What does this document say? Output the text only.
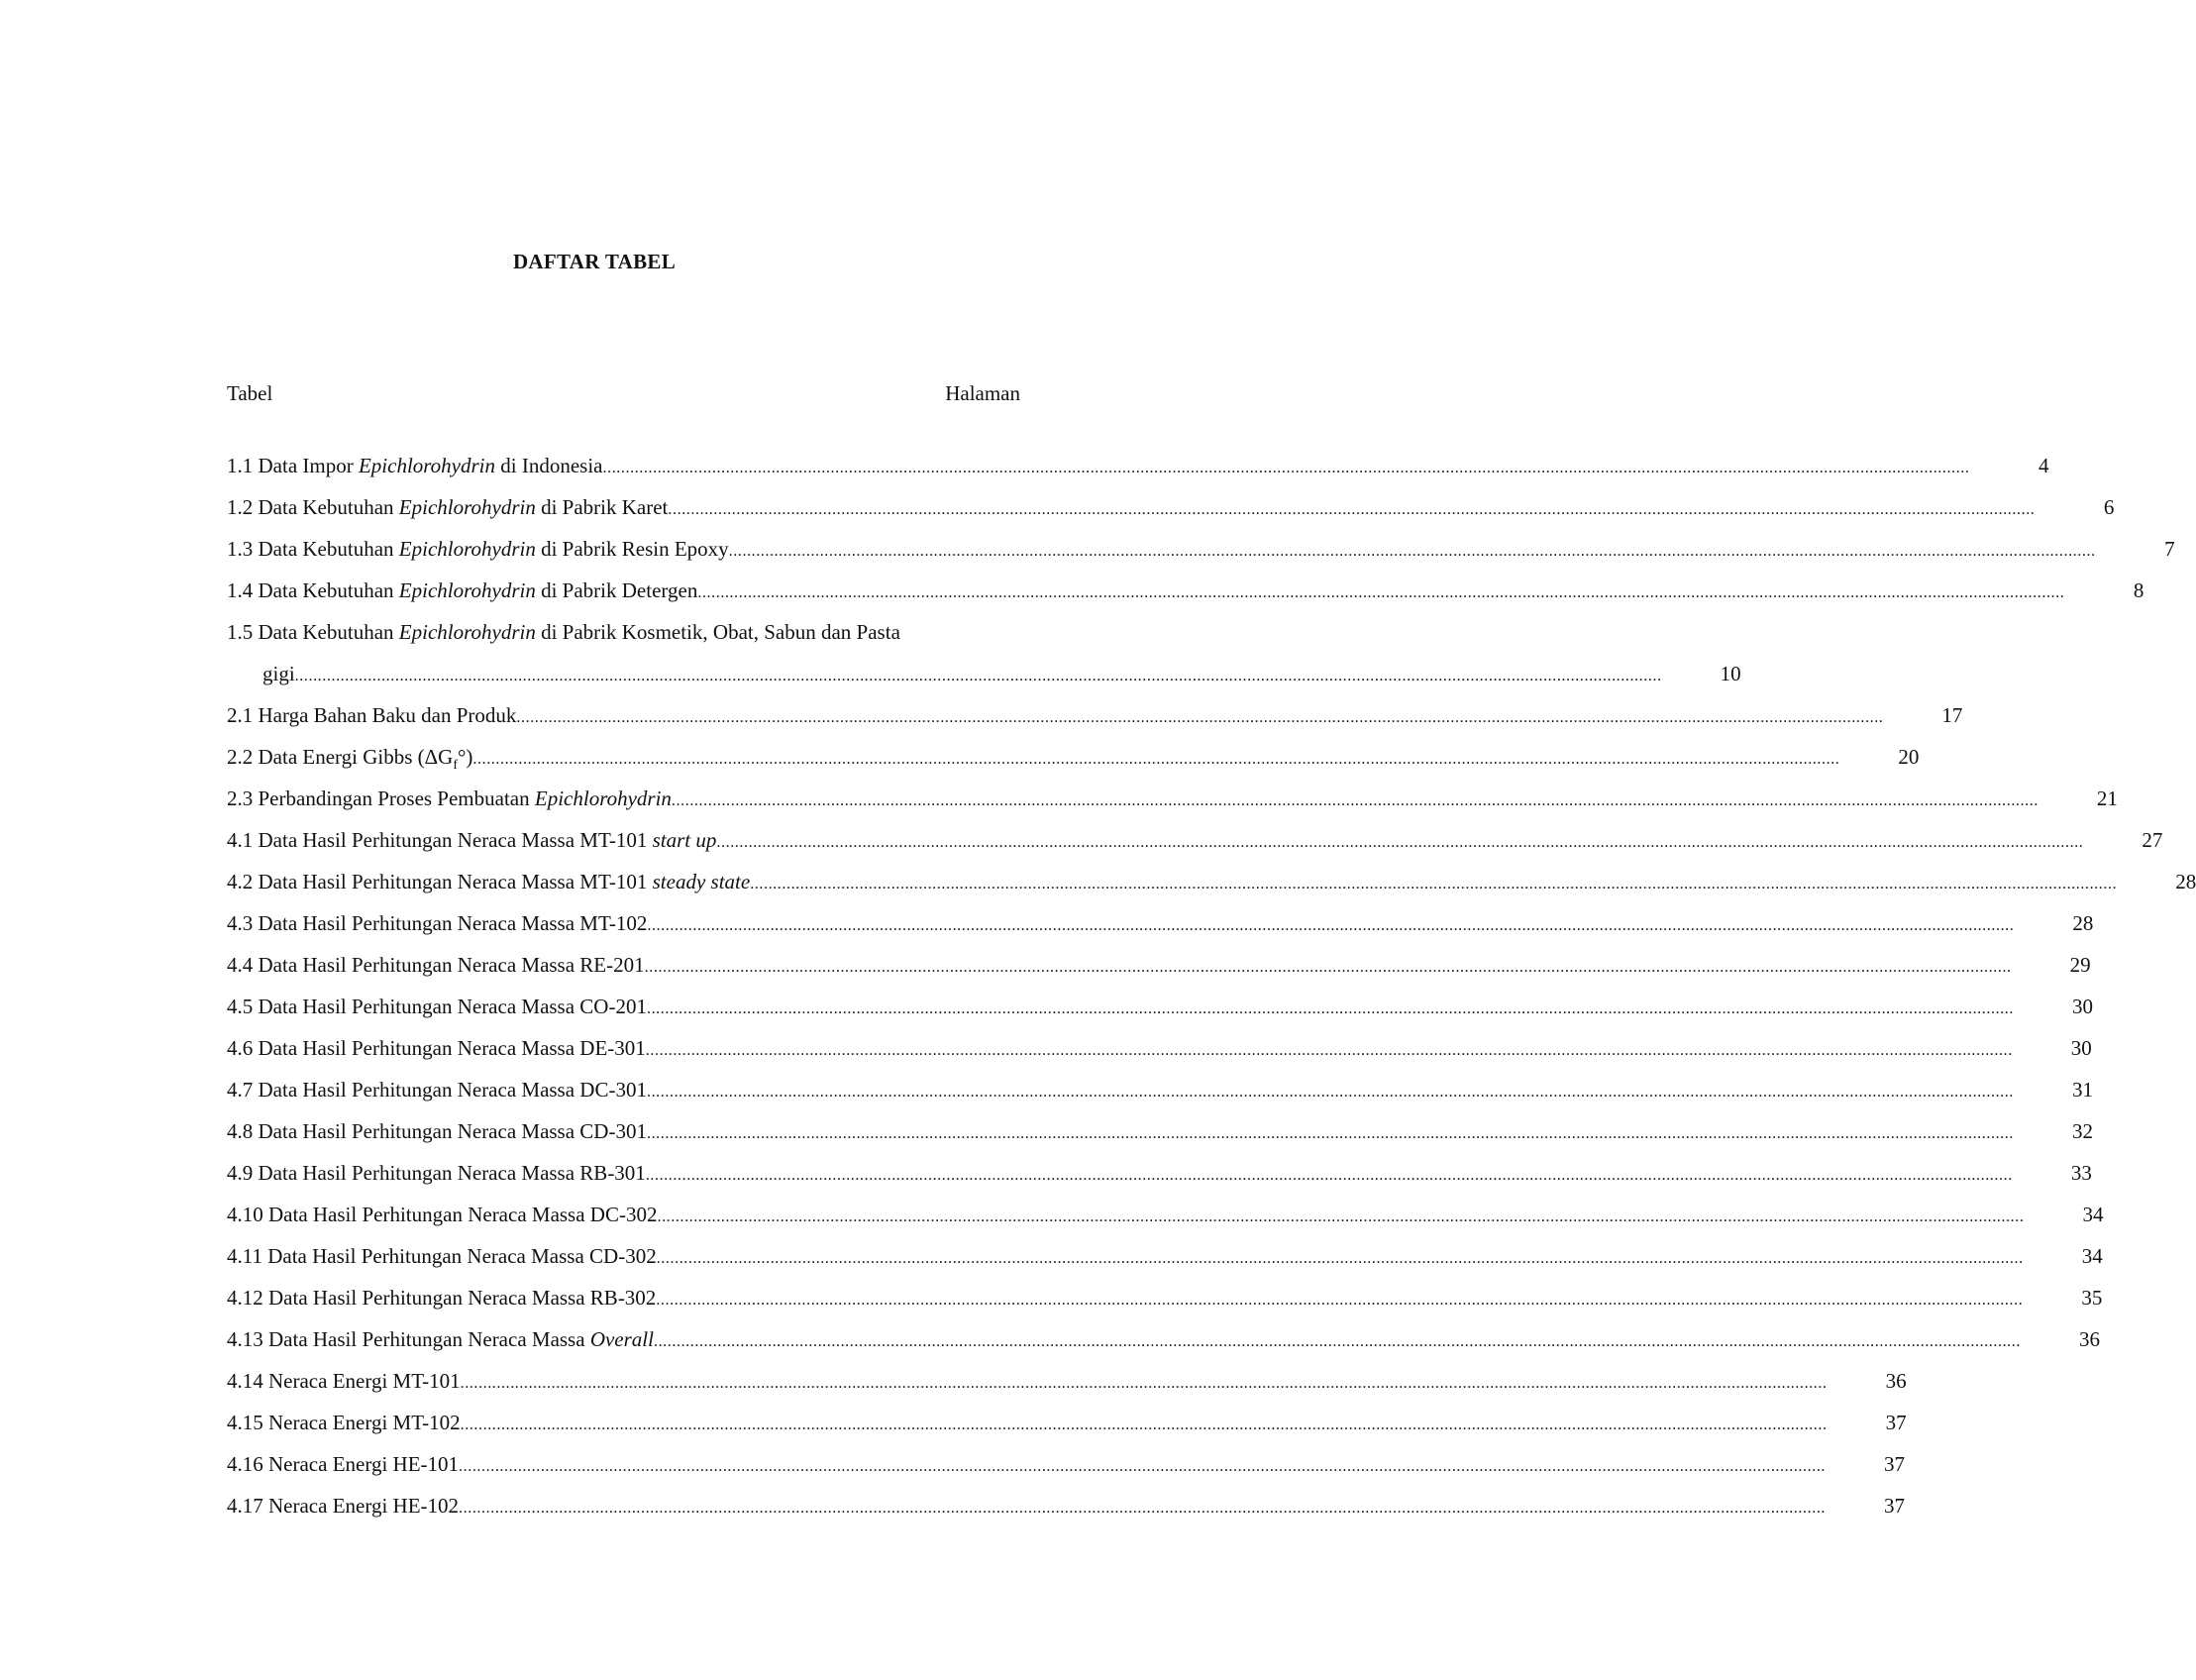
DAFTAR TABEL
Tabel	Halaman
1.1 Data Impor Epichlorohydrin di Indonesia ............................................................................................................................................................................................................................................................................................................	4
1.2 Data Kebutuhan Epichlorohydrin di Pabrik Karet ............................................................................................................................................................................................................................................................................................................	6
1.3 Data Kebutuhan Epichlorohydrin di Pabrik Resin Epoxy ............................................................................................................................................................................................................................................................................................................	7
1.4 Data Kebutuhan Epichlorohydrin di Pabrik Detergen ............................................................................................................................................................................................................................................................................................................	8
1.5 Data Kebutuhan Epichlorohydrin di Pabrik Kosmetik, Obat, Sabun dan Pasta
gigi ............................................................................................................................................................................................................................................................................................................	10
2.1 Harga Bahan Baku dan Produk ............................................................................................................................................................................................................................................................................................................	17
2.2 Data Energi Gibbs $(\Delta G_f^\circ)$ ............................................................................................................................................................................................................................................................................................................	20
2.3 Perbandingan Proses Pembuatan Epichlorohydrin ............................................................................................................................................................................................................................................................................................................	21
4.1 Data Hasil Perhitungan Neraca Massa MT-101 start up ............................................................................................................................................................................................................................................................................................................	27
4.2 Data Hasil Perhitungan Neraca Massa MT-101 steady state ............................................................................................................................................................................................................................................................................................................	28
4.3 Data Hasil Perhitungan Neraca Massa MT-102 ............................................................................................................................................................................................................................................................................................................	28
4.4 Data Hasil Perhitungan Neraca Massa RE-201 ............................................................................................................................................................................................................................................................................................................	29
4.5 Data Hasil Perhitungan Neraca Massa CO-201 ............................................................................................................................................................................................................................................................................................................	30
4.6 Data Hasil Perhitungan Neraca Massa DE-301 ............................................................................................................................................................................................................................................................................................................	30
4.7 Data Hasil Perhitungan Neraca Massa DC-301 ............................................................................................................................................................................................................................................................................................................	31
4.8 Data Hasil Perhitungan Neraca Massa CD-301 ............................................................................................................................................................................................................................................................................................................	32
4.9 Data Hasil Perhitungan Neraca Massa RB-301 ............................................................................................................................................................................................................................................................................................................	33
4.10 Data Hasil Perhitungan Neraca Massa DC-302 ............................................................................................................................................................................................................................................................................................................	34
4.11 Data Hasil Perhitungan Neraca Massa CD-302 ............................................................................................................................................................................................................................................................................................................	34
4.12 Data Hasil Perhitungan Neraca Massa RB-302 ............................................................................................................................................................................................................................................................................................................	35
4.13 Data Hasil Perhitungan Neraca Massa Overall ............................................................................................................................................................................................................................................................................................................	36
4.14 Neraca Energi MT-101 ............................................................................................................................................................................................................................................................................................................	36
4.15 Neraca Energi MT-102 ............................................................................................................................................................................................................................................................................................................	37
4.16 Neraca Energi HE-101 ............................................................................................................................................................................................................................................................................................................	37
4.17 Neraca Energi HE-102 ............................................................................................................................................................................................................................................................................................................	37
